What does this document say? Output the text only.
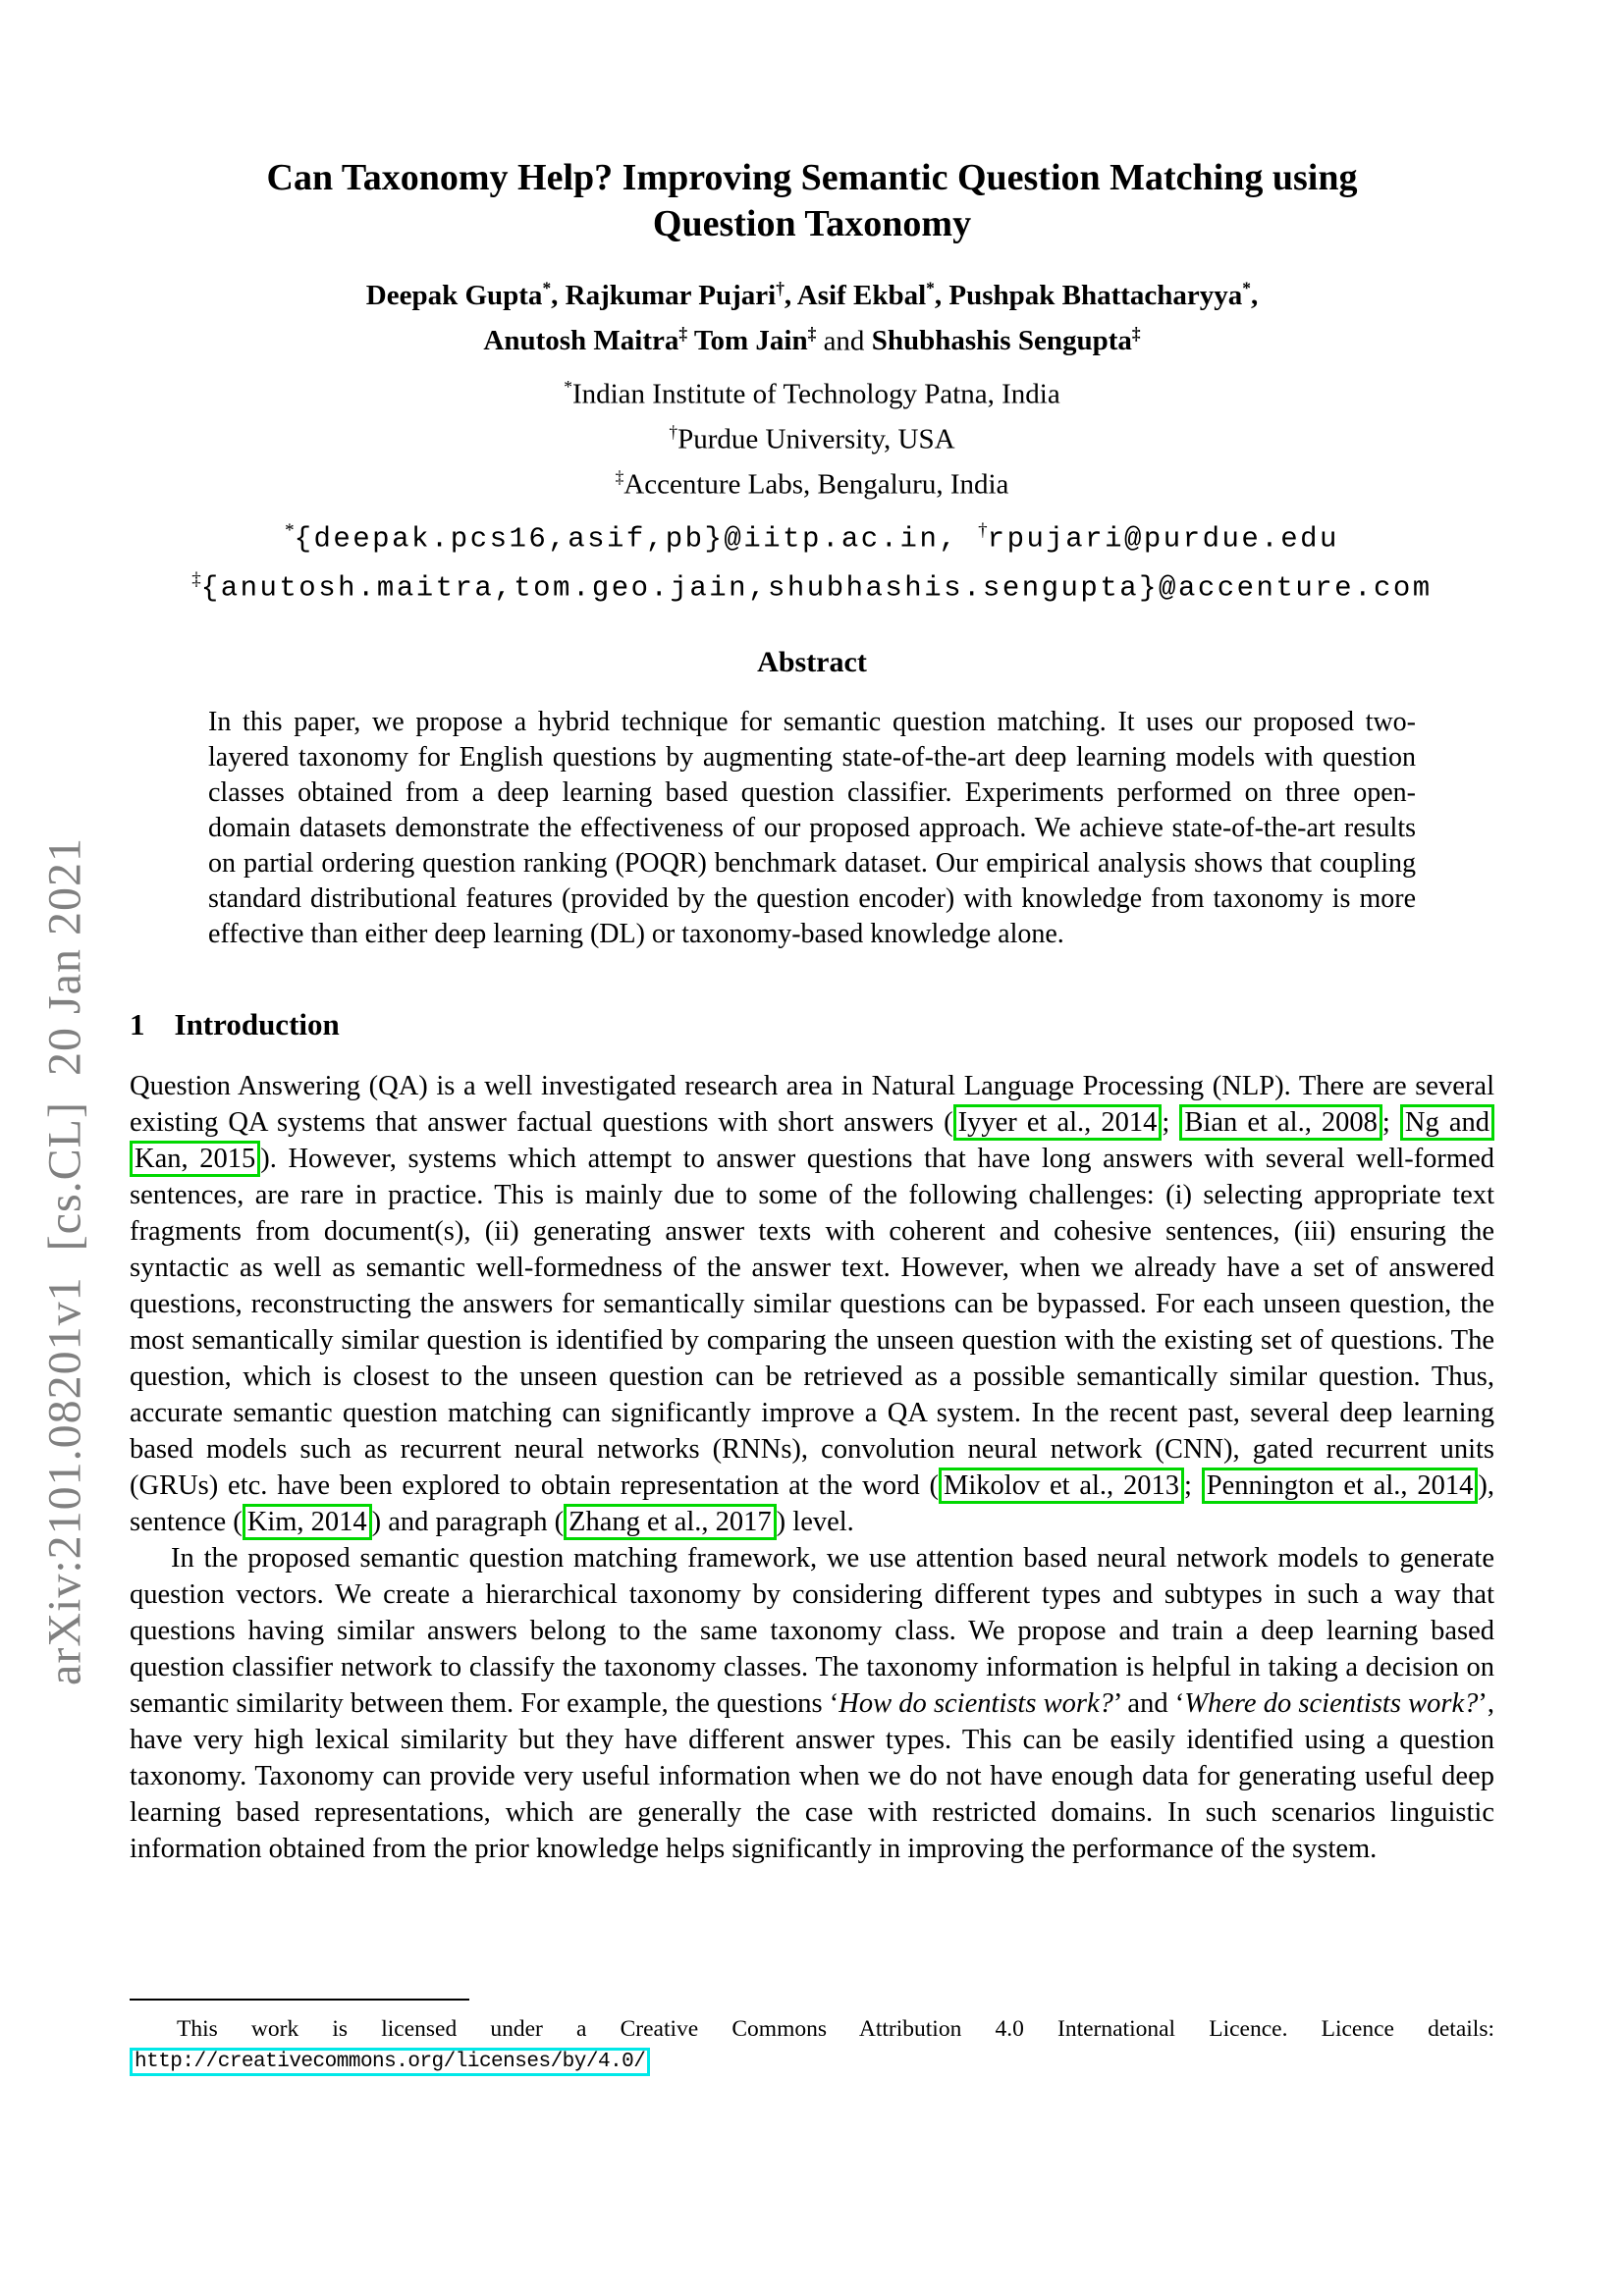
arXiv:2101.08201v1  [cs.CL]  20 Jan 2021
Can Taxonomy Help? Improving Semantic Question Matching using
Question Taxonomy
Deepak Gupta*, Rajkumar Pujari†, Asif Ekbal*, Pushpak Bhattacharyya*,
Anutosh Maitra‡ Tom Jain‡ and Shubhashis Sengupta‡
*Indian Institute of Technology Patna, India
†Purdue University, USA
‡Accenture Labs, Bengaluru, India
*{deepak.pcs16,asif,pb}@iitp.ac.in, †rpujari@purdue.edu
‡{anutosh.maitra,tom.geo.jain,shubhashis.sengupta}@accenture.com
Abstract
In this paper, we propose a hybrid technique for semantic question matching. It uses our proposed two-layered taxonomy for English questions by augmenting state-of-the-art deep learning models with question classes obtained from a deep learning based question classifier. Experiments performed on three open-domain datasets demonstrate the effectiveness of our proposed approach. We achieve state-of-the-art results on partial ordering question ranking (POQR) benchmark dataset. Our empirical analysis shows that coupling standard distributional features (provided by the question encoder) with knowledge from taxonomy is more effective than either deep learning (DL) or taxonomy-based knowledge alone.
1 Introduction
Question Answering (QA) is a well investigated research area in Natural Language Processing (NLP). There are several existing QA systems that answer factual questions with short answers ( Iyyer et al., 2014 ; Bian et al., 2008 ; Ng and Kan, 2015 ). However, systems which attempt to answer questions that have long answers with several well-formed sentences, are rare in practice. This is mainly due to some of the following challenges: (i) selecting appropriate text fragments from document(s), (ii) generating answer texts with coherent and cohesive sentences, (iii) ensuring the syntactic as well as semantic well-formedness of the answer text. However, when we already have a set of answered questions, reconstructing the answers for semantically similar questions can be bypassed. For each unseen question, the most semantically similar question is identified by comparing the unseen question with the existing set of questions. The question, which is closest to the unseen question can be retrieved as a possible semantically similar question. Thus, accurate semantic question matching can significantly improve a QA system. In the recent past, several deep learning based models such as recurrent neural networks (RNNs), convolution neural network (CNN), gated recurrent units (GRUs) etc. have been explored to obtain representation at the word ( Mikolov et al., 2013 ; Pennington et al., 2014 ), sentence ( Kim, 2014 ) and paragraph ( Zhang et al., 2017 ) level.
In the proposed semantic question matching framework, we use attention based neural network models to generate question vectors. We create a hierarchical taxonomy by considering different types and subtypes in such a way that questions having similar answers belong to the same taxonomy class. We propose and train a deep learning based question classifier network to classify the taxonomy classes. The taxonomy information is helpful in taking a decision on semantic similarity between them. For example, the questions ‘How do scientists work?’ and ‘Where do scientists work?’, have very high lexical similarity but they have different answer types. This can be easily identified using a question taxonomy. Taxonomy can provide very useful information when we do not have enough data for generating useful deep learning based representations, which are generally the case with restricted domains. In such scenarios linguistic information obtained from the prior knowledge helps significantly in improving the performance of the system.
This work is licensed under a Creative Commons Attribution 4.0 International Licence. Licence details: http://creativecommons.org/licenses/by/4.0/
